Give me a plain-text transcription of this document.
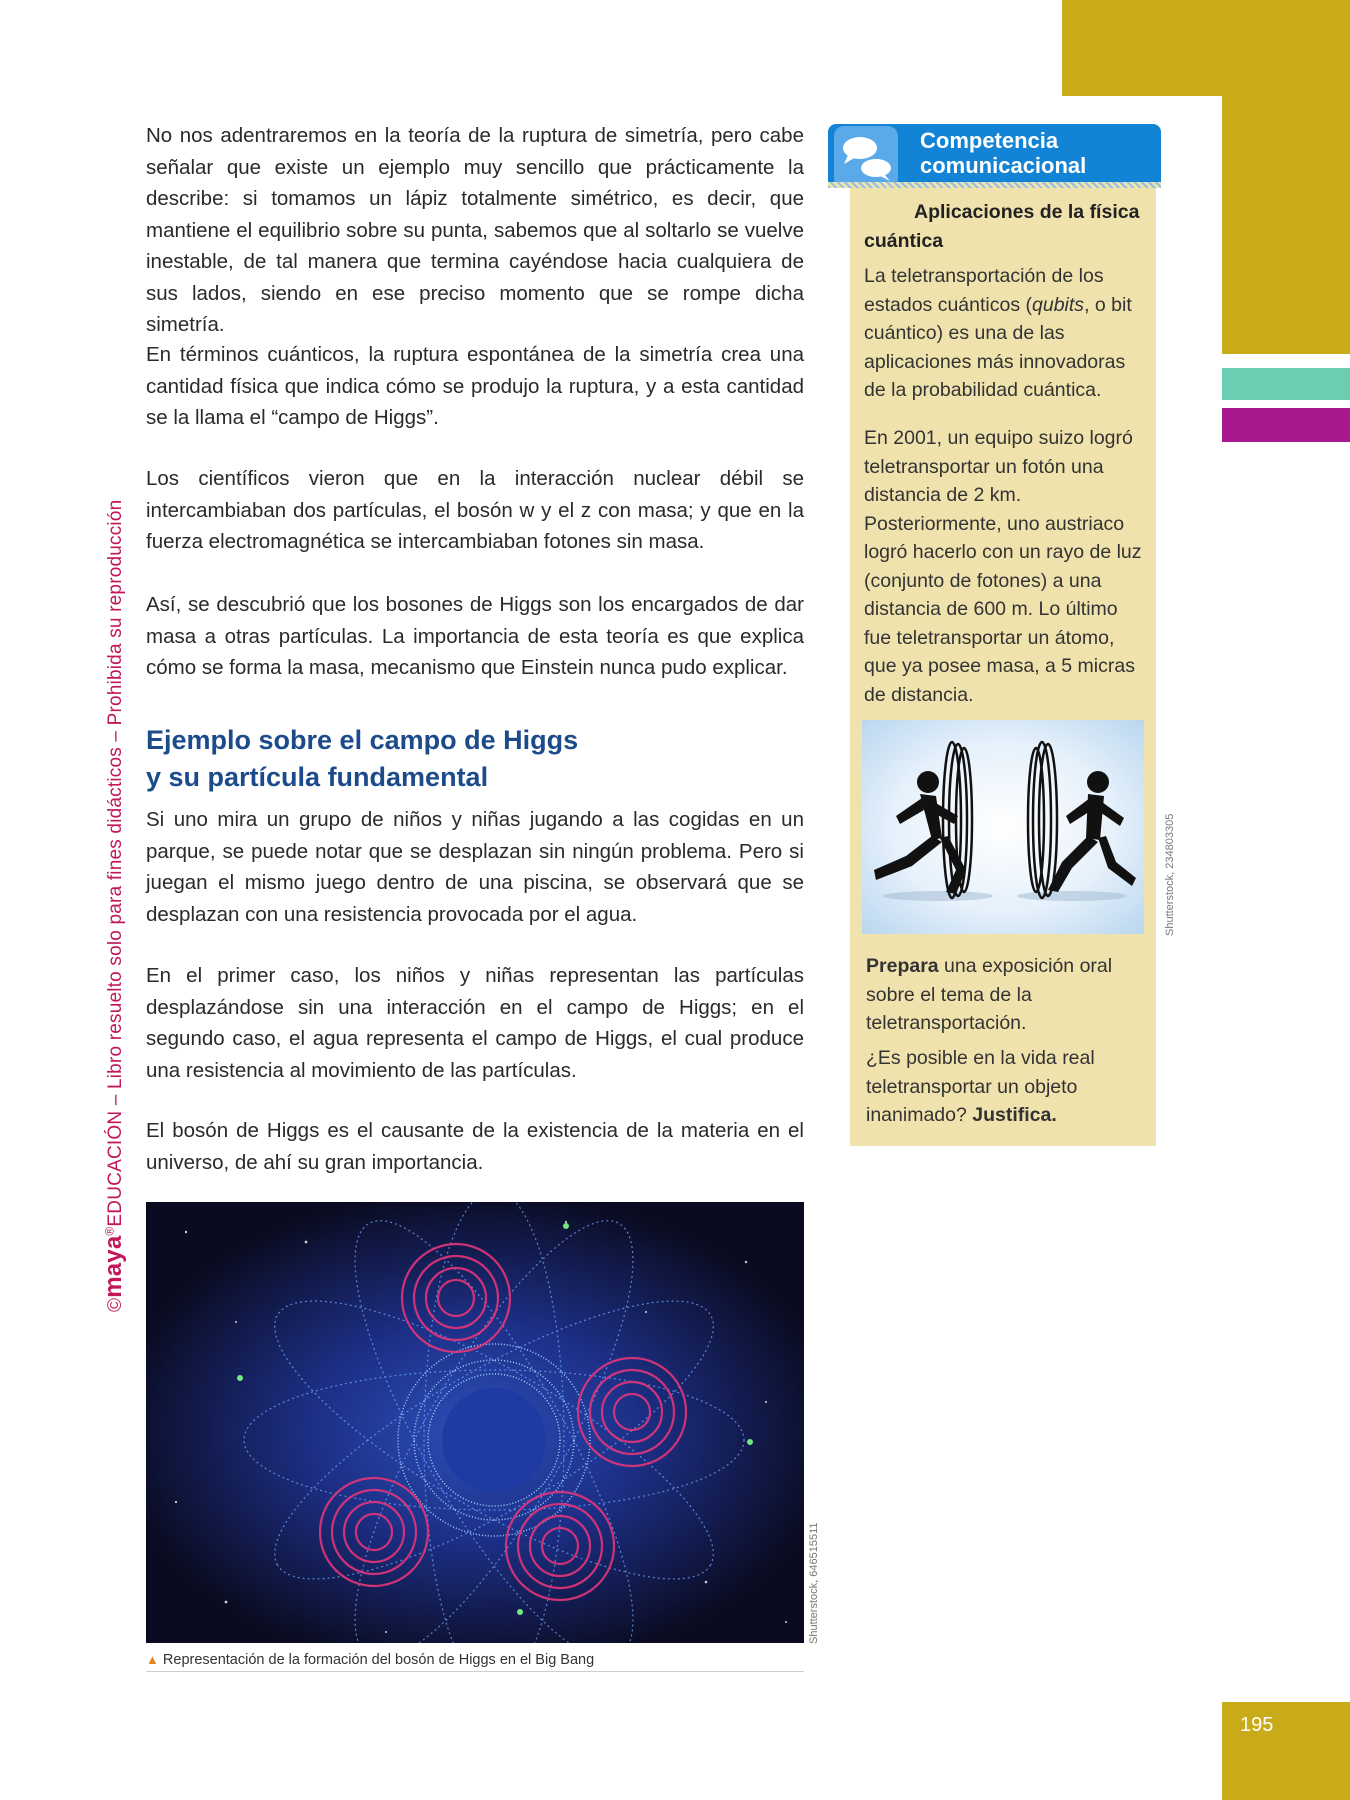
©maya®EDUCACIÓN – Libro resuelto solo para fines didácticos – Prohibida su reproducción

No nos adentraremos en la teoría de la ruptura de simetría, pero cabe señalar que existe un ejemplo muy sencillo que prácticamente la describe: si tomamos un lápiz totalmente simétrico, es decir, que mantiene el equilibrio sobre su punta, sabemos que al soltarlo se vuelve inestable, de tal manera que termina cayéndose hacia cualquiera de sus lados, siendo en ese preciso momento que se rompe dicha simetría.

En términos cuánticos, la ruptura espontánea de la simetría crea una cantidad física que indica cómo se produjo la ruptura, y a esta cantidad se la llama el “campo de Higgs”.

Los científicos vieron que en la interacción nuclear débil se intercambiaban dos partículas, el bosón w y el z con masa; y que en la fuerza electromagnética se intercambiaban fotones sin masa.

Así, se descubrió que los bosones de Higgs son los encargados de dar masa a otras partículas. La importancia de esta teoría es que explica cómo se forma la masa, mecanismo que Einstein nunca pudo explicar.

Ejemplo sobre el campo de Higgs
y su partícula fundamental

Si uno mira un grupo de niños y niñas jugando a las cogidas en un parque, se puede notar que se desplazan sin ningún problema. Pero si juegan el mismo juego dentro de una piscina, se observará que se desplazan con una resistencia provocada por el agua.

En el primer caso, los niños y niñas representan las partículas desplazándose sin una interacción en el campo de Higgs; en el segundo caso, el agua representa el campo de Higgs, el cual produce una resistencia al movimiento de las partículas.

El bosón de Higgs es el causante de la existencia de la materia en el universo, de ahí su gran importancia.

Shutterstock, 646515511
▲ Representación de la formación del bosón de Higgs en el Big Bang
Competencia
comunicacional

Aplicaciones de la física cuántica

La teletransportación de los estados cuánticos (qubits, o bit cuántico) es una de las aplicaciones más innovadoras de la probabilidad cuántica.

En 2001, un equipo suizo logró teletransportar un fotón una distancia de 2 km. Posteriormente, uno austriaco logró hacerlo con un rayo de luz (conjunto de fotones) a una distancia de 600 m. Lo último fue teletransportar un átomo, que ya posee masa, a 5 micras de distancia.

Prepara una exposición oral sobre el tema de la teletransportación.

¿Es posible en la vida real teletransportar un objeto inanimado? Justifica.

Shutterstock, 234803305
195
